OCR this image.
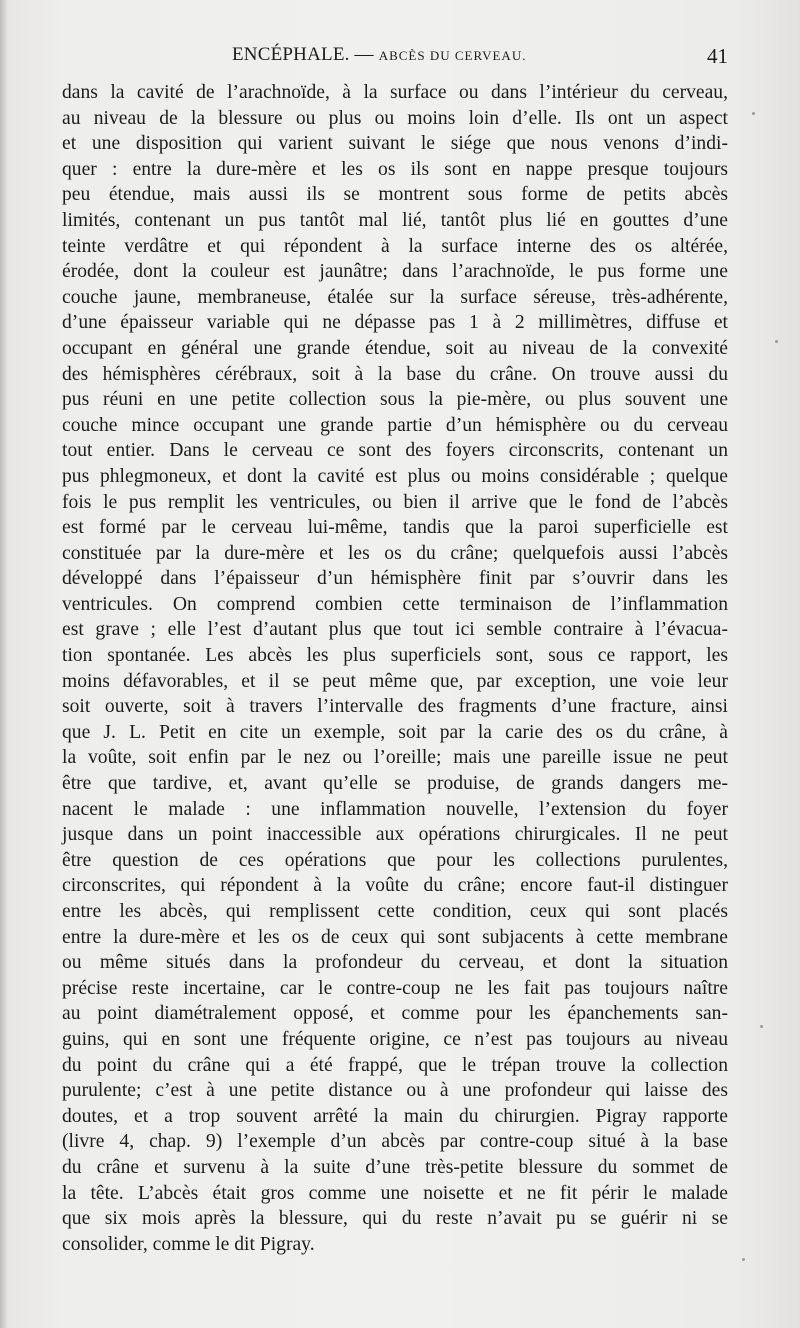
ENCÉPHALE. — ABCÈS DU CERVEAU.	41
dans la cavité de l’arachnoïde, à la surface ou dans l’intérieur du cerveau,
au niveau de la blessure ou plus ou moins loin d’elle. Ils ont un aspect
et une disposition qui varient suivant le siége que nous venons d’indi-
quer : entre la dure-mère et les os ils sont en nappe presque toujours
peu étendue, mais aussi ils se montrent sous forme de petits abcès
limités, contenant un pus tantôt mal lié, tantôt plus lié en gouttes d’une
teinte verdâtre et qui répondent à la surface interne des os altérée,
érodée, dont la couleur est jaunâtre; dans l’arachnoïde, le pus forme une
couche jaune, membraneuse, étalée sur la surface séreuse, très-adhérente,
d’une épaisseur variable qui ne dépasse pas 1 à 2 millimètres, diffuse et
occupant en général une grande étendue, soit au niveau de la convexité
des hémisphères cérébraux, soit à la base du crâne. On trouve aussi du
pus réuni en une petite collection sous la pie-mère, ou plus souvent une
couche mince occupant une grande partie d’un hémisphère ou du cerveau
tout entier. Dans le cerveau ce sont des foyers circonscrits, contenant un
pus phlegmoneux, et dont la cavité est plus ou moins considérable ; quelque
fois le pus remplit les ventricules, ou bien il arrive que le fond de l’abcès
est formé par le cerveau lui-même, tandis que la paroi superficielle est
constituée par la dure-mère et les os du crâne; quelquefois aussi l’abcès
développé dans l’épaisseur d’un hémisphère finit par s’ouvrir dans les
ventricules. On comprend combien cette terminaison de l’inflammation
est grave ; elle l’est d’autant plus que tout ici semble contraire à l’évacua-
tion spontanée. Les abcès les plus superficiels sont, sous ce rapport, les
moins défavorables, et il se peut même que, par exception, une voie leur
soit ouverte, soit à travers l’intervalle des fragments d’une fracture, ainsi
que J. L. Petit en cite un exemple, soit par la carie des os du crâne, à
la voûte, soit enfin par le nez ou l’oreille; mais une pareille issue ne peut
être que tardive, et, avant qu’elle se produise, de grands dangers me-
nacent le malade : une inflammation nouvelle, l’extension du foyer
jusque dans un point inaccessible aux opérations chirurgicales. Il ne peut
être question de ces opérations que pour les collections purulentes,
circonscrites, qui répondent à la voûte du crâne; encore faut-il distinguer
entre les abcès, qui remplissent cette condition, ceux qui sont placés
entre la dure-mère et les os de ceux qui sont subjacents à cette membrane
ou même situés dans la profondeur du cerveau, et dont la situation
précise reste incertaine, car le contre-coup ne les fait pas toujours naître
au point diamétralement opposé, et comme pour les épanchements san-
guins, qui en sont une fréquente origine, ce n’est pas toujours au niveau
du point du crâne qui a été frappé, que le trépan trouve la collection
purulente; c’est à une petite distance ou à une profondeur qui laisse des
doutes, et a trop souvent arrêté la main du chirurgien. Pigray rapporte
(livre 4, chap. 9) l’exemple d’un abcès par contre-coup situé à la base
du crâne et survenu à la suite d’une très-petite blessure du sommet de
la tête. L’abcès était gros comme une noisette et ne fit périr le malade
que six mois après la blessure, qui du reste n’avait pu se guérir ni se
consolider, comme le dit Pigray.
